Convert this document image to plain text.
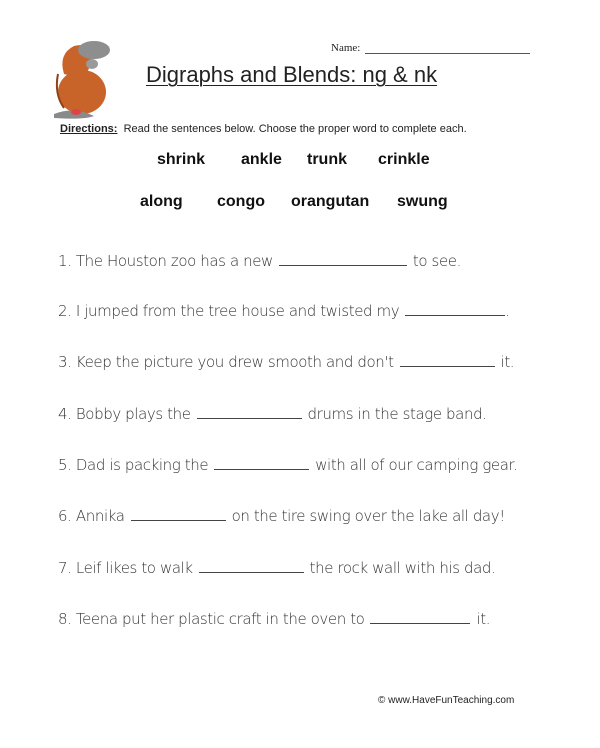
Name:
Digraphs and Blends: ng & nk
Directions: Read the sentences below. Choose the proper word to complete each.
shrink ankle trunk crinkle
along congo orangutan swung
1. The Houston zoo has a new	to see.
2. I jumped from the tree house and twisted my	.
3. Keep the picture you drew smooth and don't	it.
4. Bobby plays the	drums in the stage band.
5. Dad is packing the	with all of our camping gear.
6. Annika	on the tire swing over the lake all day!
7. Leif likes to walk	the rock wall with his dad.
8. Teena put her plastic craft in the oven to	it.
© www.HaveFunTeaching.com
